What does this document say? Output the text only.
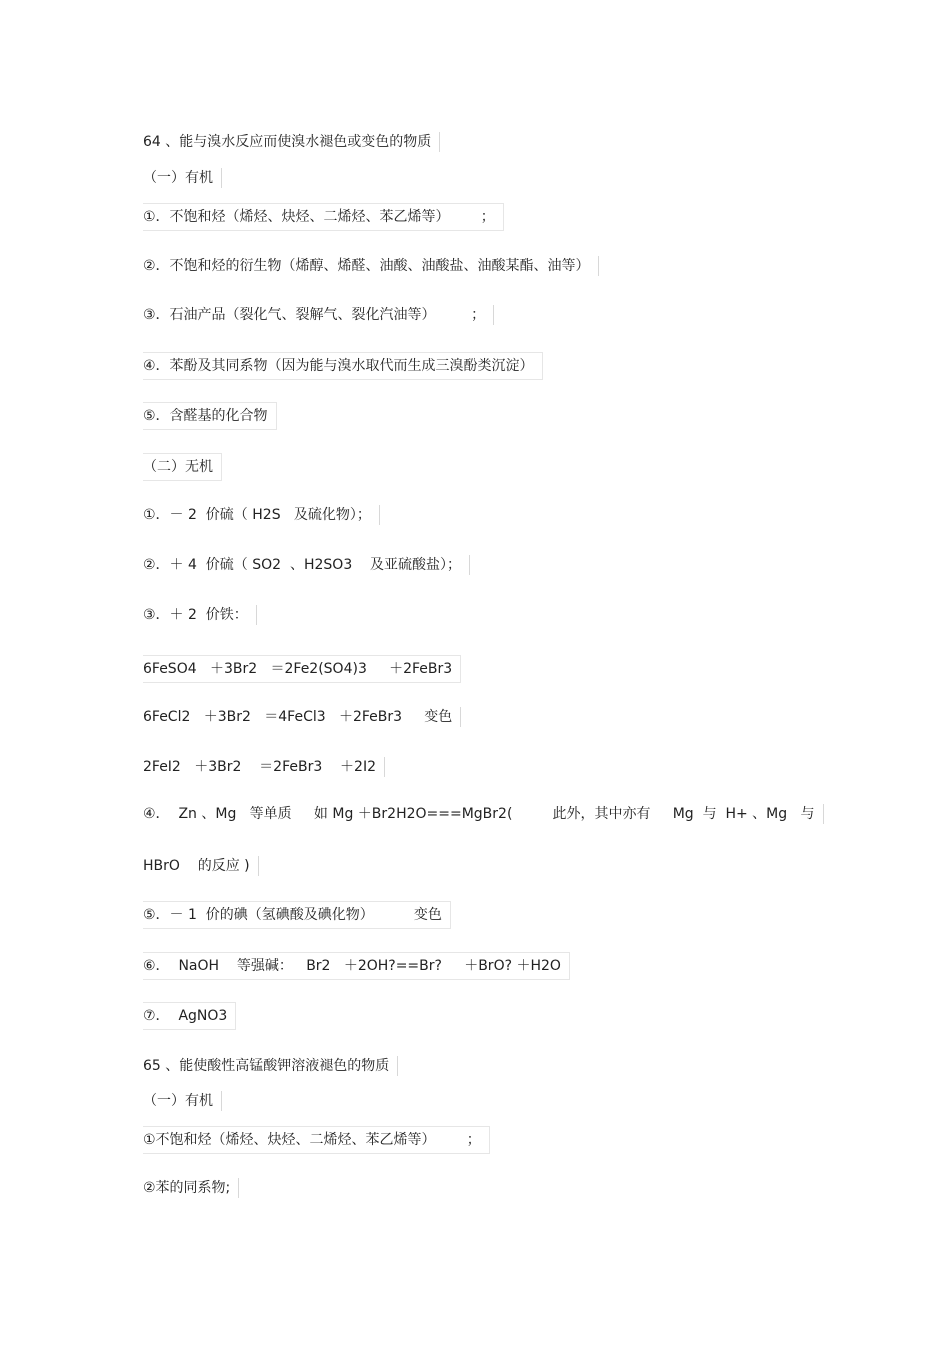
64 、能与溴水反应而使溴水褪色或变色的物质
（一）有机
①．不饱和烃（烯烃、炔烃、二烯烃、苯乙烯等）       ；
②．不饱和烃的衍生物（烯醇、烯醛、油酸、油酸盐、油酸某酯、油等）
③．石油产品（裂化气、裂解气、裂化汽油等）        ；
④．苯酚及其同系物（因为能与溴水取代而生成三溴酚类沉淀）
⑤．含醛基的化合物
（二）无机
①．－ 2  价硫（ H2S   及硫化物）；
②．＋ 4  价硫（ SO2  、H2SO3    及亚硫酸盐）；
③．＋ 2  价铁：
6FeSO4   ＋3Br2   ＝2Fe2(SO4)3     ＋2FeBr3
6FeCl2   ＋3Br2   ＝4FeCl3   ＋2FeBr3     变色
2FeI2   ＋3Br2    ＝2FeBr3    ＋2I2
④．  Zn 、Mg   等单质     如 Mg ＋Br2H2O===MgBr2(         此外，其中亦有     Mg  与  H+ 、Mg   与
HBrO    的反应 )
⑤．－ 1  价的碘（氢碘酸及碘化物）         变色
⑥．  NaOH    等强碱：   Br2   ＋2OH?==Br?     ＋BrO? ＋H2O
⑦．  AgNO3
65 、能使酸性高锰酸钾溶液褪色的物质
（一）有机
①不饱和烃（烯烃、炔烃、二烯烃、苯乙烯等）       ；
②苯的同系物;
